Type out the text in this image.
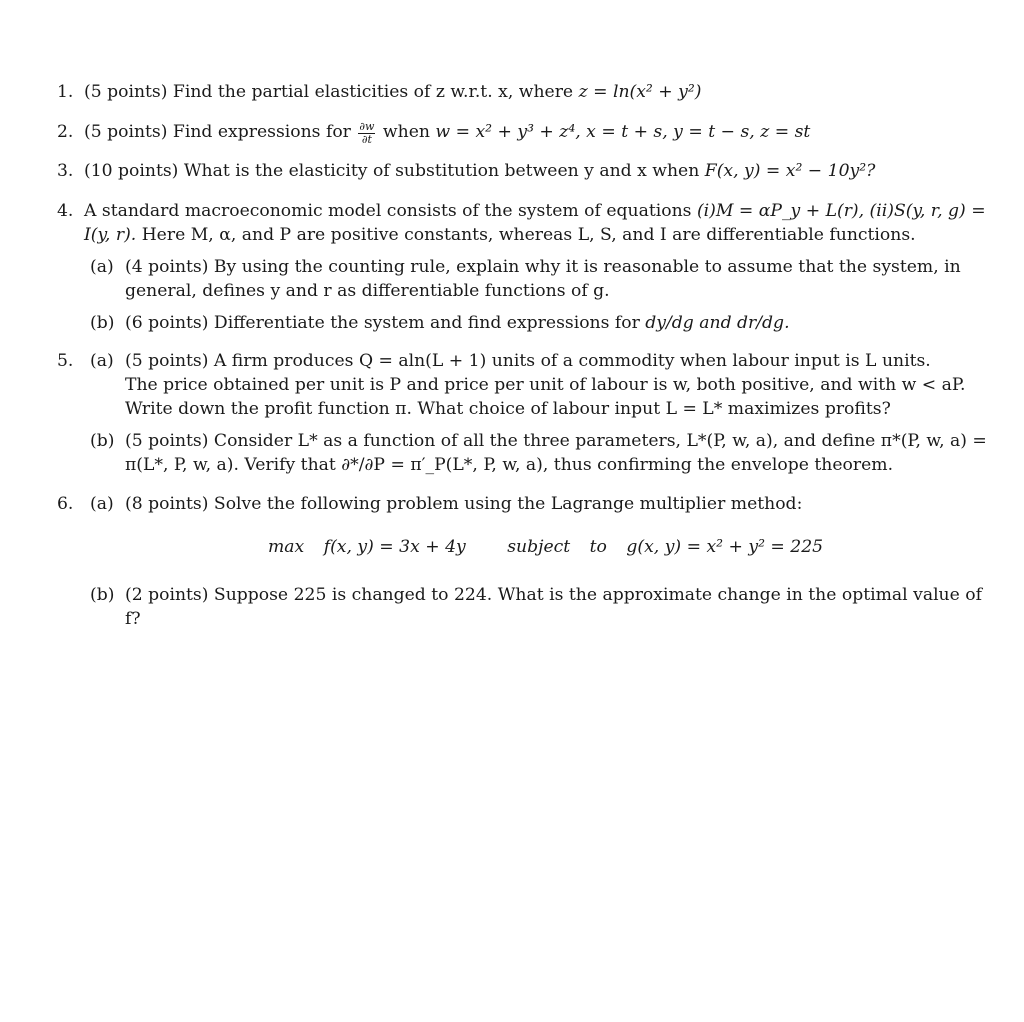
1. (5 points) Find the partial elasticities of z w.r.t. x, where z = ln(x² + y²)
2. (5 points) Find expressions for $\frac{\partial w}{\partial t}$ when w = x² + y³ + z⁴, x = t + s, y = t − s, z = st
3. (10 points) What is the elasticity of substitution between y and x when F(x, y) = x² − 10y²?
4. A standard macroeconomic model consists of the system of equations (i)M = αP_y + L(r), (ii)S(y, r, g) =
I(y, r). Here M, α, and P are positive constants, whereas L, S, and I are differentiable functions.
(a) (4 points) By using the counting rule, explain why it is reasonable to assume that the system, in
general, defines y and r as differentiable functions of g.
(b) (6 points) Differentiate the system and find expressions for dy/dg and dr/dg.
5. (a) (5 points) A firm produces Q = aln(L + 1) units of a commodity when labour input is L units.
The price obtained per unit is P and price per unit of labour is w, both positive, and with w < aP.
Write down the profit function π. What choice of labour input L = L* maximizes profits?
(b) (5 points) Consider L* as a function of all the three parameters, L*(P, w, a), and define π*(P, w, a) =
π(L*, P, w, a). Verify that ∂*/∂P = π′_P(L*, P, w, a), thus confirming the envelope theorem.
6. (a) (8 points) Solve the following problem using the Lagrange multiplier method:
max f(x, y) = 3x + 4y subject to g(x, y) = x² + y² = 225
(b) (2 points) Suppose 225 is changed to 224. What is the approximate change in the optimal value of
f?
